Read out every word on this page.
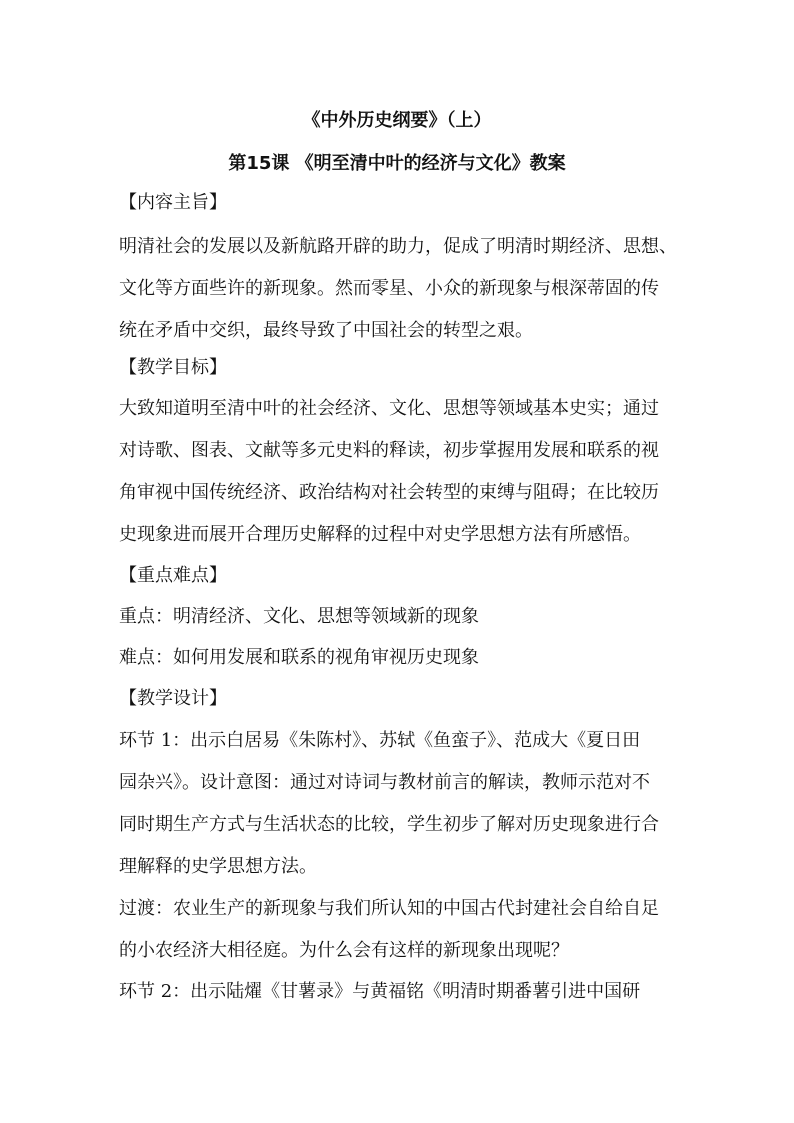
《中外历史纲要》（上）
第15课 《明至清中叶的经济与文化》教案
【内容主旨】
明清社会的发展以及新航路开辟的助力，促成了明清时期经济、思想、
文化等方面些许的新现象。然而零星、小众的新现象与根深蒂固的传
统在矛盾中交织，最终导致了中国社会的转型之艰。
【教学目标】
大致知道明至清中叶的社会经济、文化、思想等领域基本史实；通过
对诗歌、图表、文献等多元史料的释读，初步掌握用发展和联系的视
角审视中国传统经济、政治结构对社会转型的束缚与阻碍；在比较历
史现象进而展开合理历史解释的过程中对史学思想方法有所感悟。
【重点难点】
重点：明清经济、文化、思想等领域新的现象
难点：如何用发展和联系的视角审视历史现象
【教学设计】
环节 1：出示白居易《朱陈村》、苏轼《鱼蛮子》、范成大《夏日田
园杂兴》。设计意图：通过对诗词与教材前言的解读，教师示范对不
同时期生产方式与生活状态的比较，学生初步了解对历史现象进行合
理解释的史学思想方法。
过渡：农业生产的新现象与我们所认知的中国古代封建社会自给自足
的小农经济大相径庭。为什么会有这样的新现象出现呢？
环节 2：出示陆燿《甘薯录》与黄福铭《明清时期番薯引进中国研
